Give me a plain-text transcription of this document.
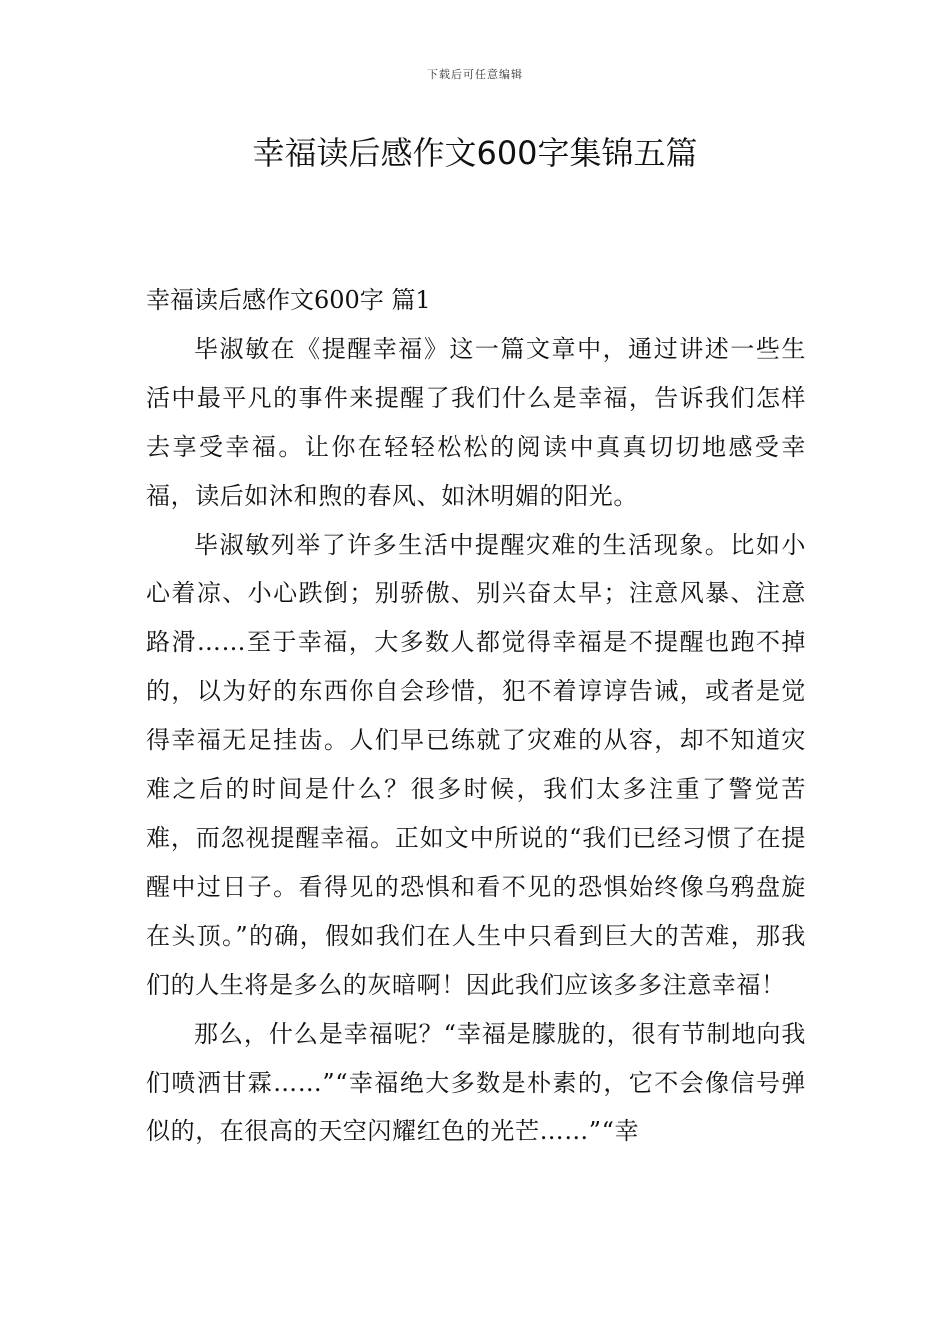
下载后可任意编辑
幸福读后感作文600字集锦五篇
幸福读后感作文600字 篇1

毕淑敏在《提醒幸福》这一篇文章中，通过讲述一些生活中最平凡的事件来提醒了我们什么是幸福，告诉我们怎样去享受幸福。让你在轻轻松松的阅读中真真切切地感受幸福，读后如沐和煦的春风、如沐明媚的阳光。

毕淑敏列举了许多生活中提醒灾难的生活现象。比如小心着凉、小心跌倒；别骄傲、别兴奋太早；注意风暴、注意路滑……至于幸福，大多数人都觉得幸福是不提醒也跑不掉的，以为好的东西你自会珍惜，犯不着谆谆告诫，或者是觉得幸福无足挂齿。人们早已练就了灾难的从容，却不知道灾难之后的时间是什么？很多时候，我们太多注重了警觉苦难，而忽视提醒幸福。正如文中所说的“我们已经习惯了在提醒中过日子。看得见的恐惧和看不见的恐惧始终像乌鸦盘旋在头顶。”的确，假如我们在人生中只看到巨大的苦难，那我们的人生将是多么的灰暗啊！因此我们应该多多注意幸福！

那么，什么是幸福呢？“幸福是朦胧的，很有节制地向我们喷洒甘霖……”“幸福绝大多数是朴素的，它不会像信号弹似的，在很高的天空闪耀红色的光芒……”“幸
